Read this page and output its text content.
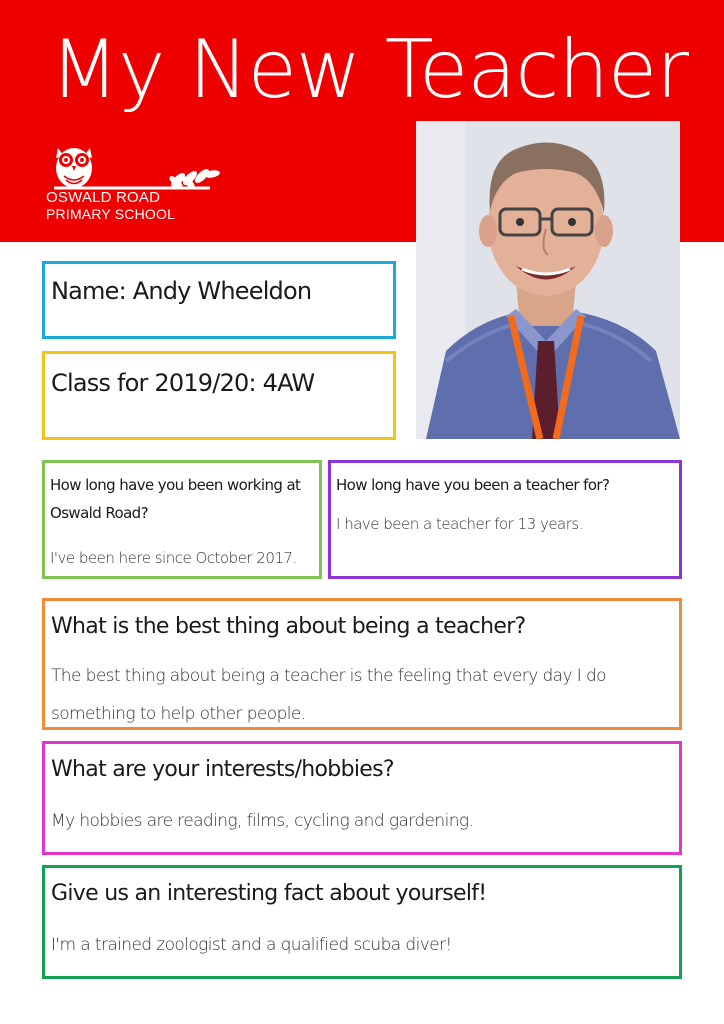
My New Teacher
OSWALD ROAD
PRIMARY SCHOOL
Name: Andy Wheeldon
Class for 2019/20: 4AW
How long have you been working at Oswald Road?
I've been here since October 2017.
How long have you been a teacher for?
I have been a teacher for 13 years.
What is the best thing about being a teacher?
The best thing about being a teacher is the feeling that every day I do something to help other people.
What are your interests/hobbies?
My hobbies are reading, films, cycling and gardening.
Give us an interesting fact about yourself!
I'm a trained zoologist and a qualified scuba diver!
